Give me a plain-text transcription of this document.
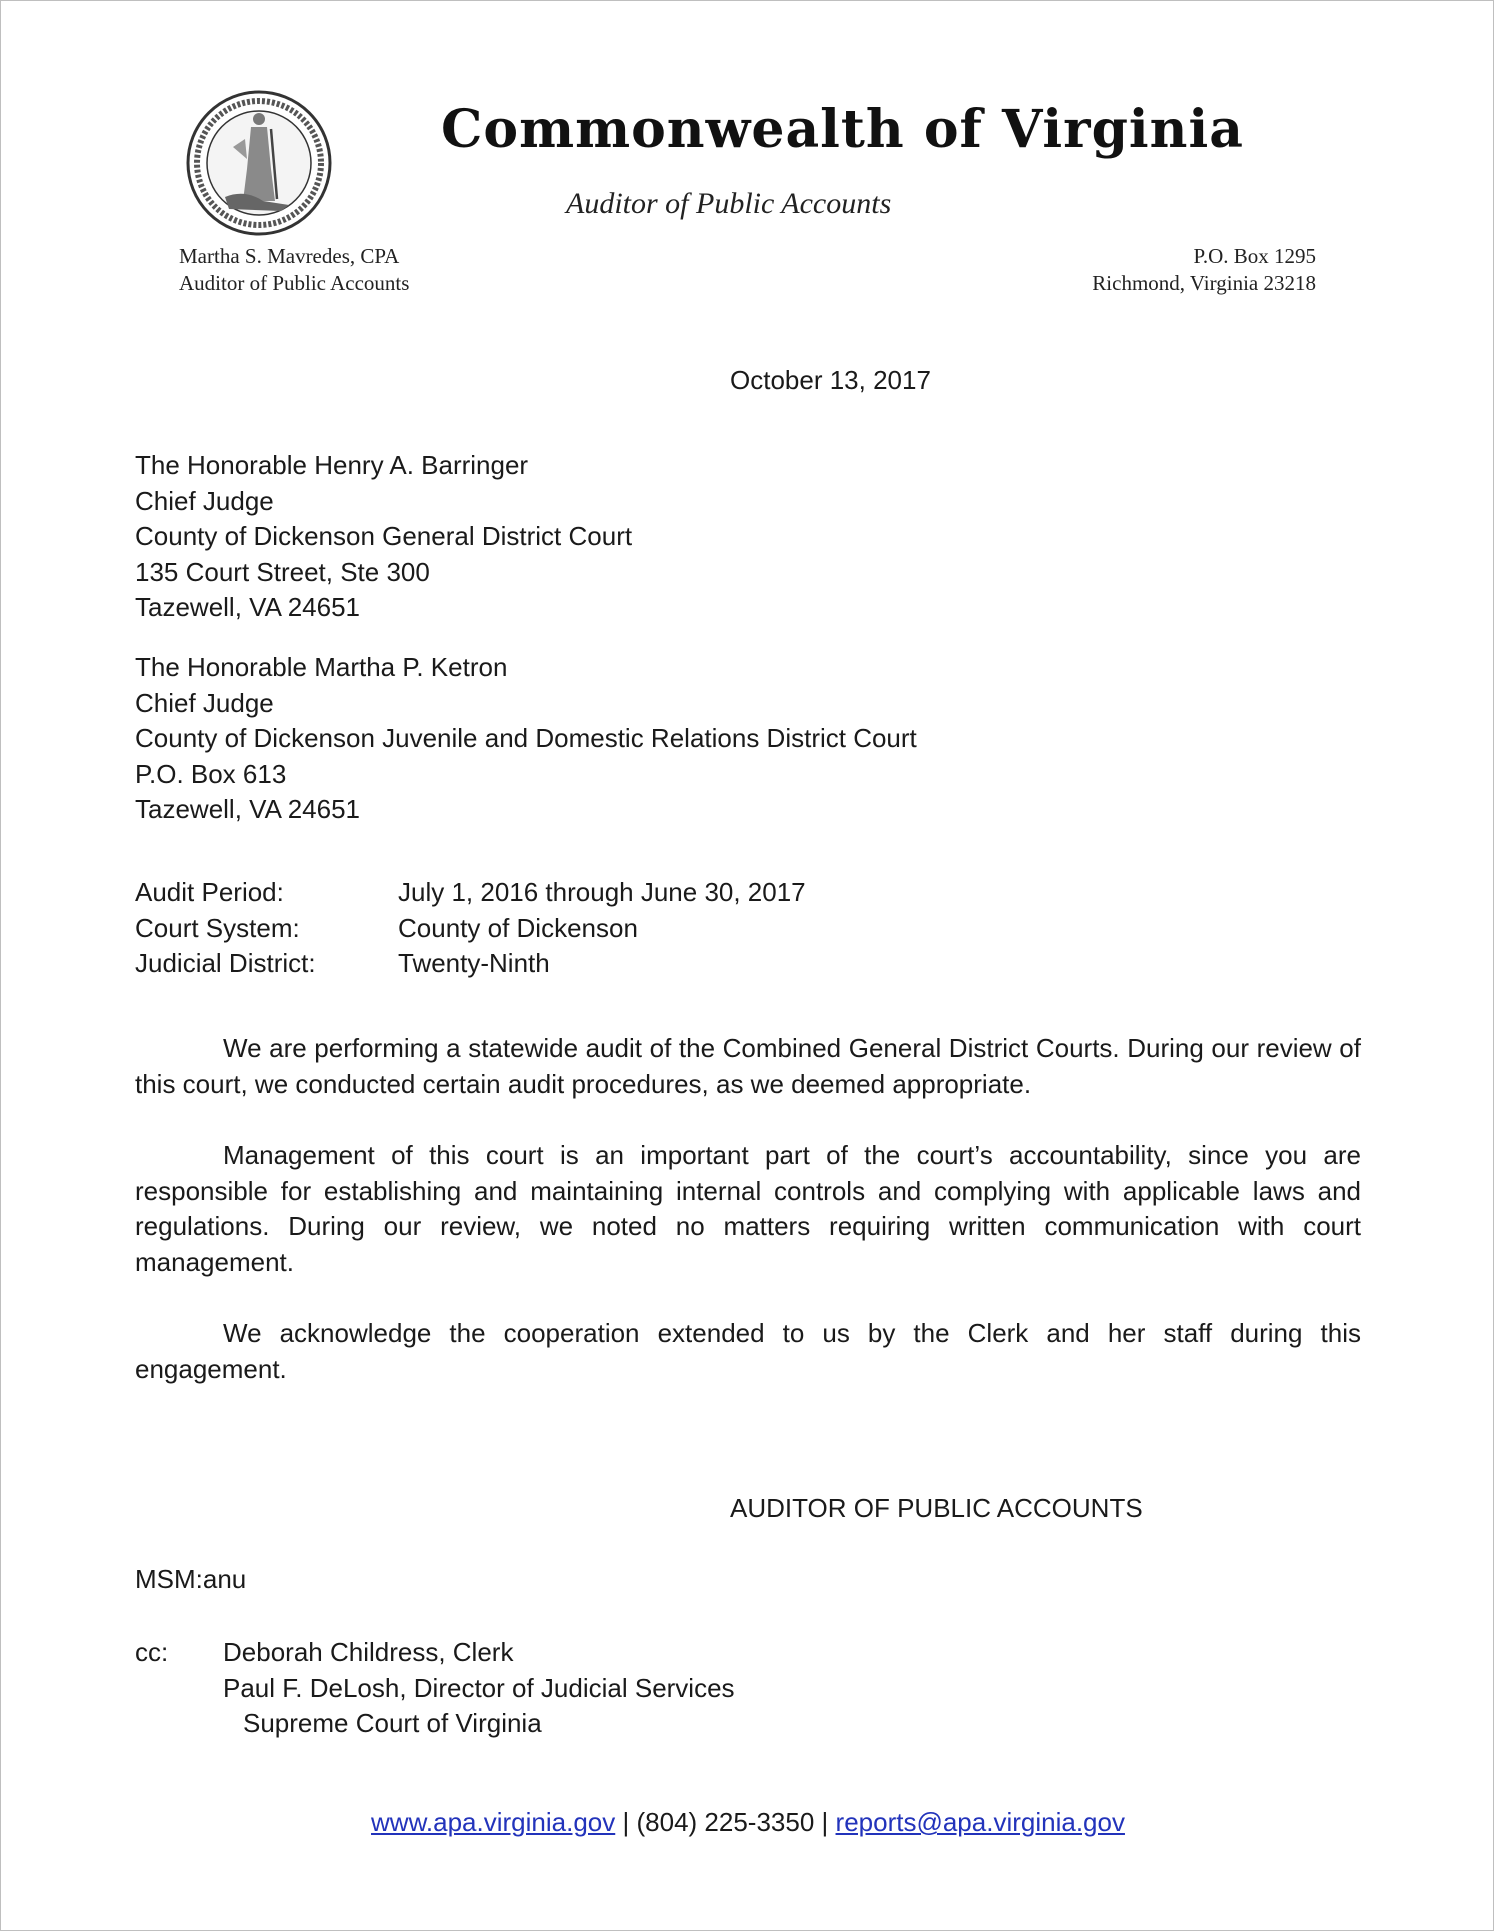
Commonwealth of Virginia
Auditor of Public Accounts
Martha S. Mavredes, CPA
Auditor of Public Accounts
P.O. Box 1295
Richmond, Virginia 23218
October 13, 2017
The Honorable Henry A. Barringer
Chief Judge
County of Dickenson General District Court
135 Court Street, Ste 300
Tazewell, VA 24651
The Honorable Martha P. Ketron
Chief Judge
County of Dickenson Juvenile and Domestic Relations District Court
P.O. Box 613
Tazewell, VA 24651
Audit Period:	July 1, 2016 through June 30, 2017
Court System:	County of Dickenson
Judicial District:	Twenty-Ninth

We are performing a statewide audit of the Combined General District Courts. During our review of this court, we conducted certain audit procedures, as we deemed appropriate.

Management of this court is an important part of the court’s accountability, since you are responsible for establishing and maintaining internal controls and complying with applicable laws and regulations. During our review, we noted no matters requiring written communication with court management.

We acknowledge the cooperation extended to us by the Clerk and her staff during this engagement.

AUDITOR OF PUBLIC ACCOUNTS
MSM:anu
cc:	Deborah Childress, Clerk
Paul F. DeLosh, Director of Judicial Services
Supreme Court of Virginia
www.apa.virginia.gov | (804) 225-3350 | reports@apa.virginia.gov
